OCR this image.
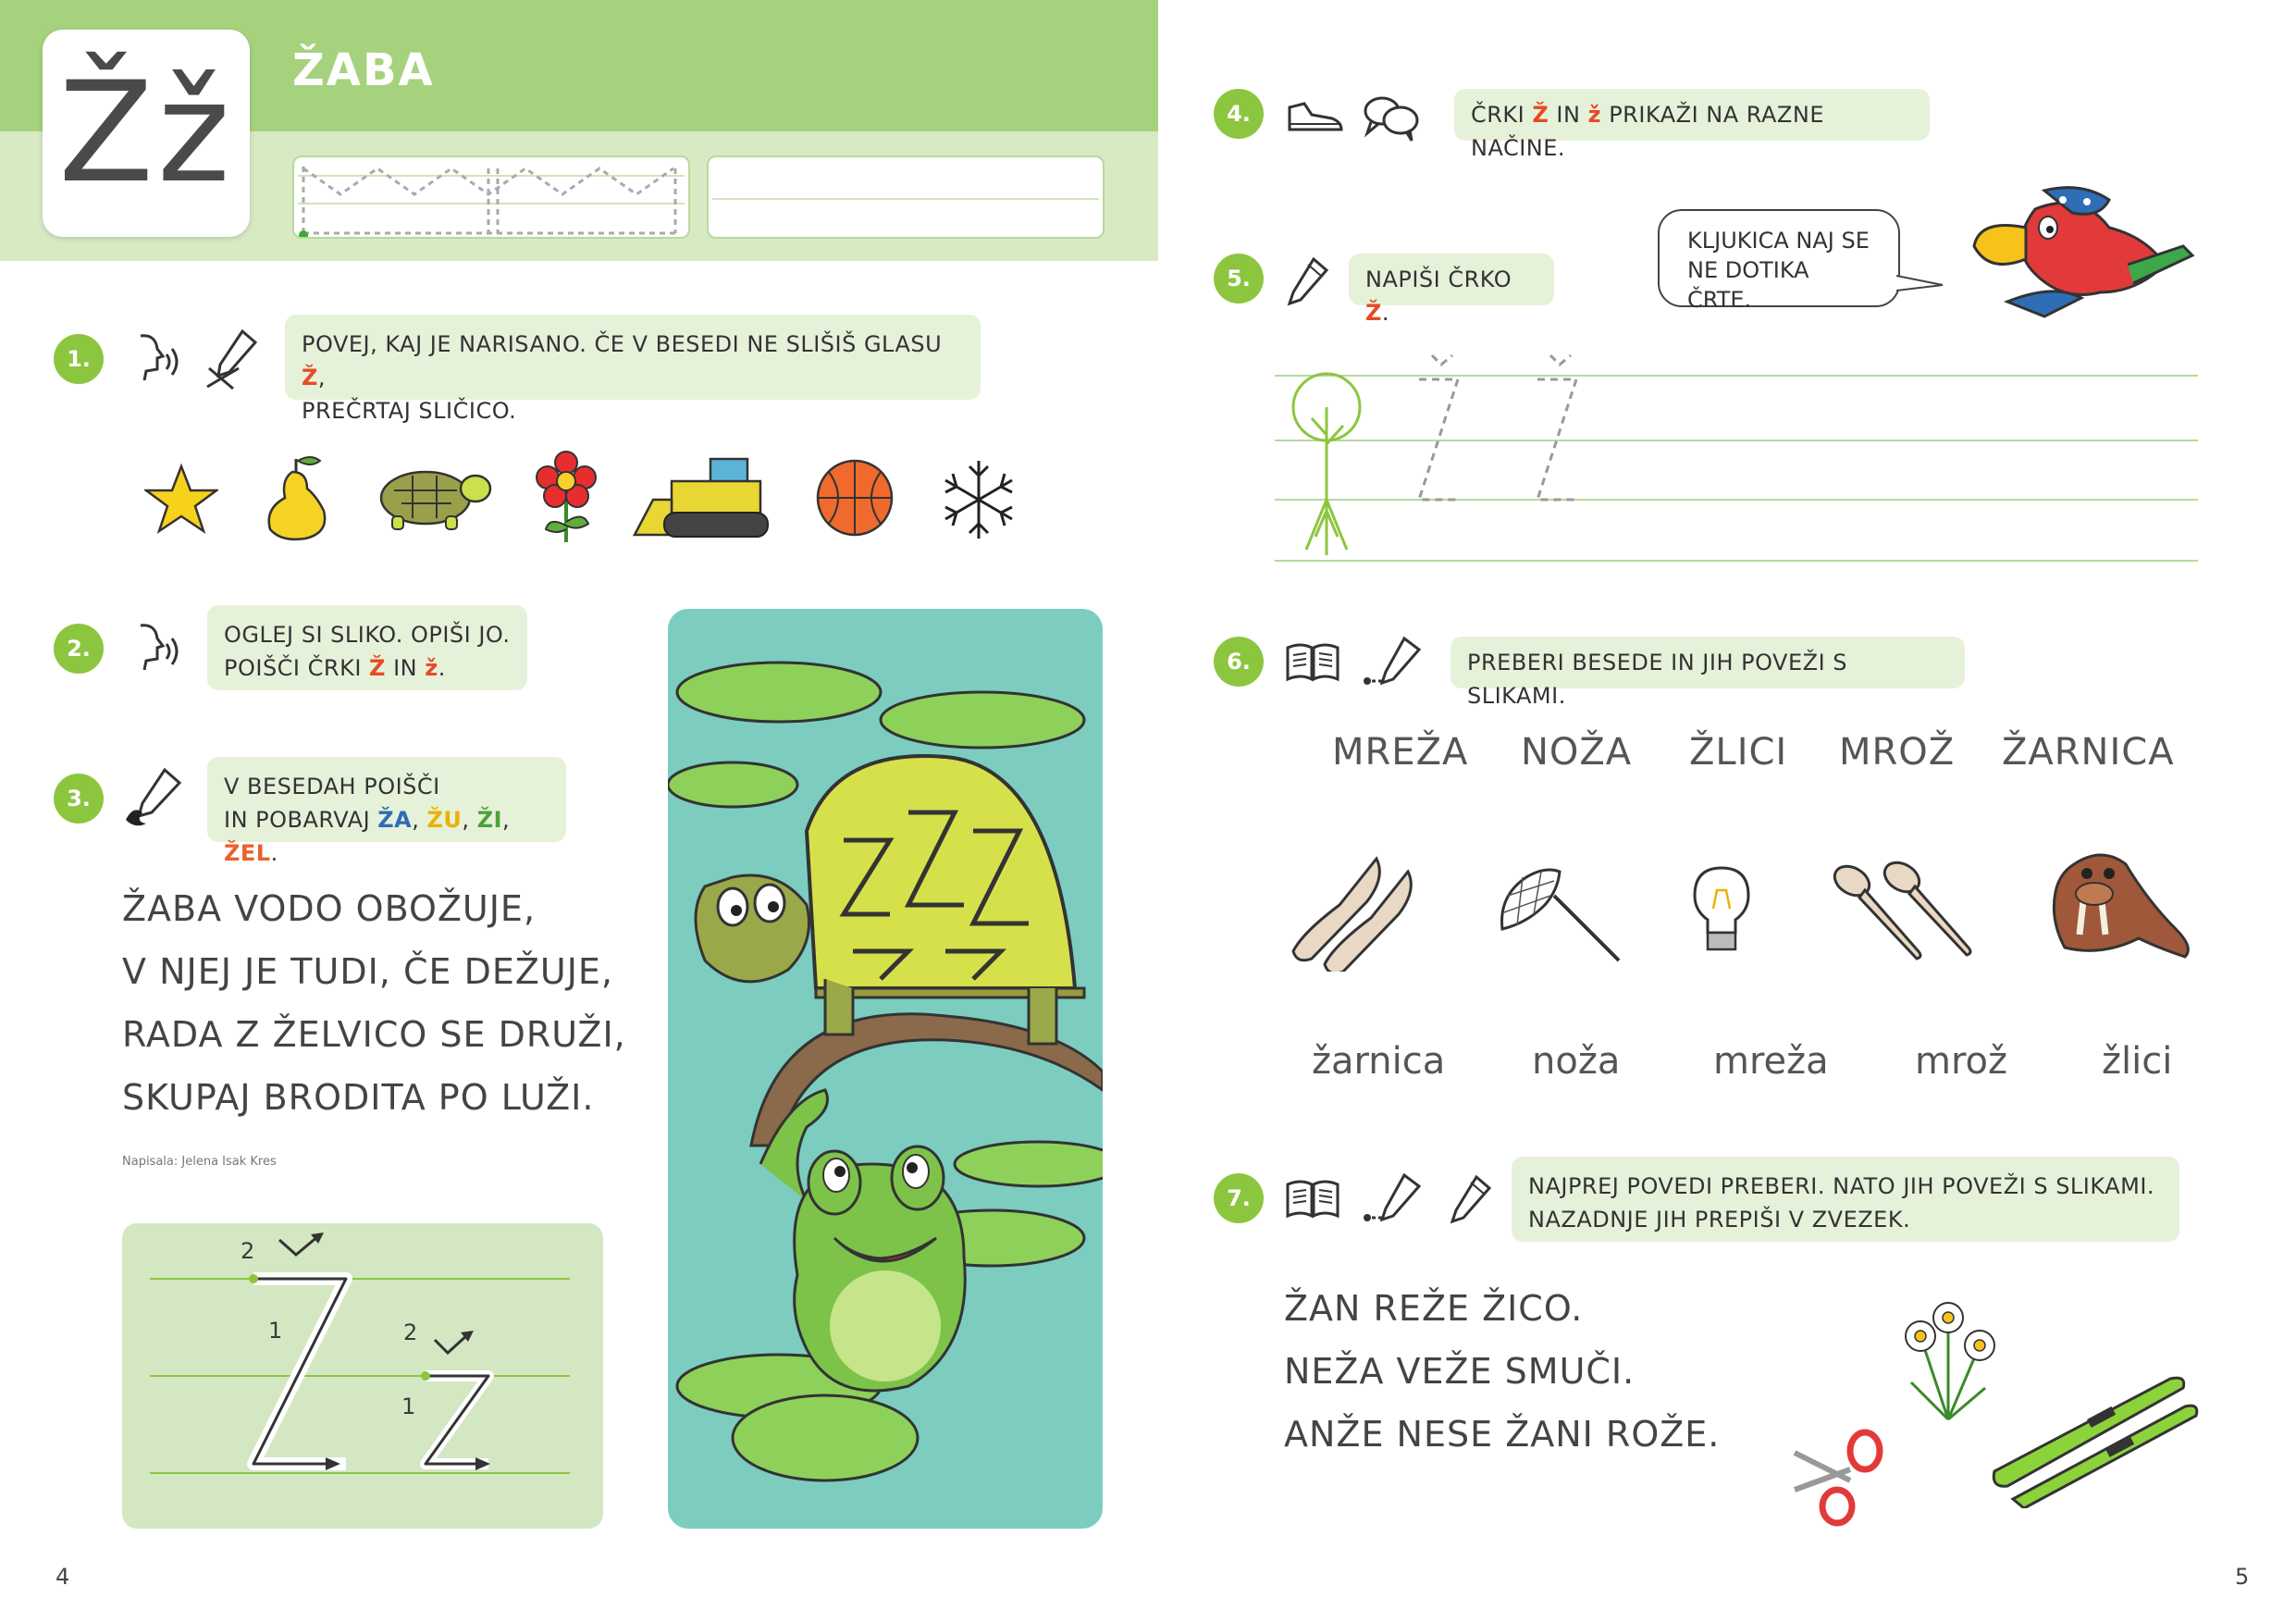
Žž ŽABA
1.
POVEJ, KAJ JE NARISANO. ČE V BESEDI NE SLIŠIŠ GLASU Ž,
PREČRTAJ SLIČICO.
2.
OGLEJ SI SLIKO. OPIŠI JO.
POIŠČI ČRKI Ž IN ž.
3.	V BESEDAH POIŠČI
IN POBARVAJ ŽA, ŽU, ŽI, ŽEL.
ŽABA VODO OBOŽUJE,
V NJEJ JE TUDI, ČE DEŽUJE,
RADA Z ŽELVICO SE DRUŽI,
SKUPAJ BRODITA PO LUŽI.
Napisala: Jelena Isak Kres
2
1	2
1
4
4.	ČRKI Ž IN ž PRIKAŽI NA RAZNE NAČINE.
5.	NAPIŠI ČRKO Ž.
KLJUKICA NAJ SE
NE DOTIKA ČRTE.
6.	PREBERI BESEDE IN JIH POVEŽI S SLIKAMI.
MREŽA NOŽA ŽLICI MROŽ ŽARNICA
žarnica noža	mreža mrož	žlici
7.	NAJPREJ POVEDI PREBERI. NATO JIH POVEŽI S SLIKAMI.
NAZADNJE JIH PREPIŠI V ZVEZEK.
ŽAN REŽE ŽICO.
NEŽA VEŽE SMUČI.
ANŽE NESE ŽANI ROŽE.
5
